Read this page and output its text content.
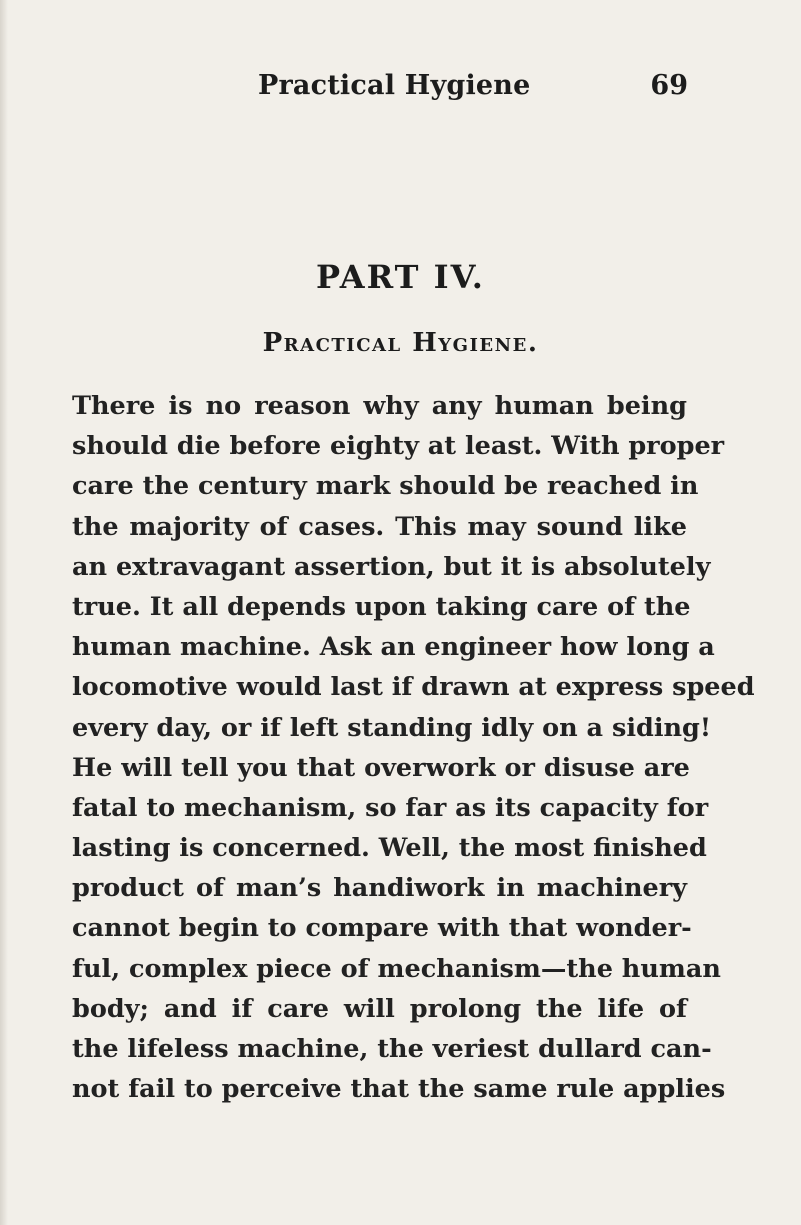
Practical Hygiene	69
PART IV.
Practical Hygiene.
There is no reason why any human being
should die before eighty at least. With proper
care the century mark should be reached in
the majority of cases. This may sound like
an extravagant assertion, but it is absolutely
true. It all depends upon taking care of the
human machine. Ask an engineer how long a
locomotive would last if drawn at express speed
every day, or if left standing idly on a siding!
He will tell you that overwork or disuse are
fatal to mechanism, so far as its capacity for
lasting is concerned. Well, the most finished
product of man’s handiwork in machinery
cannot begin to compare with that wonder-
ful, complex piece of mechanism—the human
body; and if care will prolong the life of
the lifeless machine, the veriest dullard can-
not fail to perceive that the same rule applies
